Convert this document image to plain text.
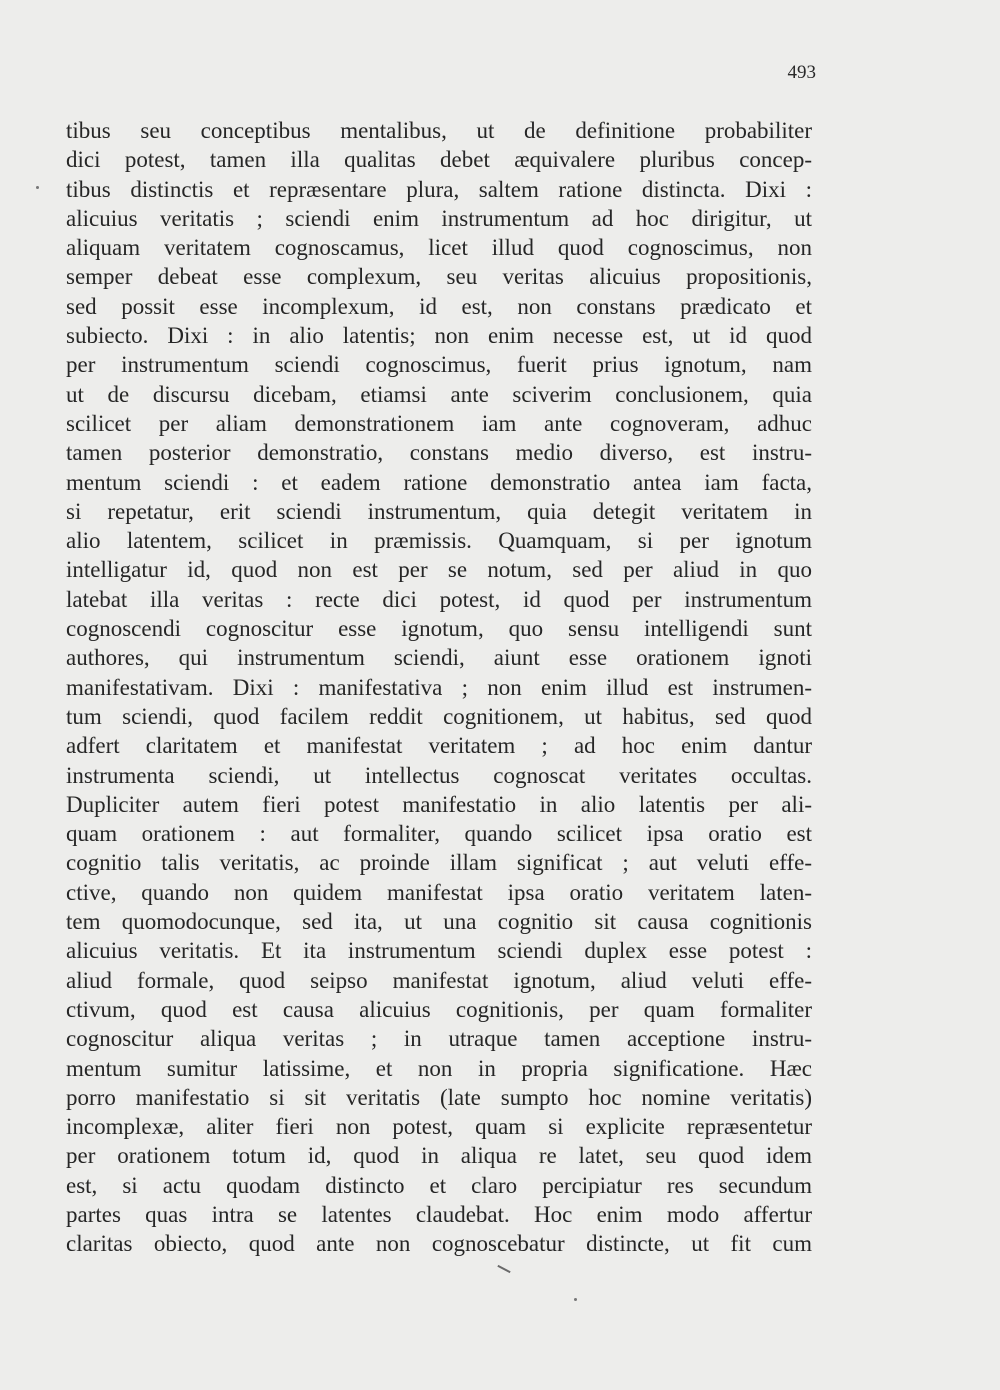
493
tibus seu conceptibus mentalibus, ut de definitione probabiliter
dici potest, tamen illa qualitas debet æquivalere pluribus concep-
tibus distinctis et repræsentare plura, saltem ratione distincta. Dixi :
alicuius veritatis ; sciendi enim instrumentum ad hoc dirigitur, ut
aliquam veritatem cognoscamus, licet illud quod cognoscimus, non
semper debeat esse complexum, seu veritas alicuius propositionis,
sed possit esse incomplexum, id est, non constans prædicato et
subiecto. Dixi : in alio latentis; non enim necesse est, ut id quod
per instrumentum sciendi cognoscimus, fuerit prius ignotum, nam
ut de discursu dicebam, etiamsi ante sciverim conclusionem, quia
scilicet per aliam demonstrationem iam ante cognoveram, adhuc
tamen posterior demonstratio, constans medio diverso, est instru-
mentum sciendi : et eadem ratione demonstratio antea iam facta,
si repetatur, erit sciendi instrumentum, quia detegit veritatem in
alio latentem, scilicet in præmissis. Quamquam, si per ignotum
intelligatur id, quod non est per se notum, sed per aliud in quo
latebat illa veritas : recte dici potest, id quod per instrumentum
cognoscendi cognoscitur esse ignotum, quo sensu intelligendi sunt
authores, qui instrumentum sciendi, aiunt esse orationem ignoti
manifestativam. Dixi : manifestativa ; non enim illud est instrumen-
tum sciendi, quod facilem reddit cognitionem, ut habitus, sed quod
adfert claritatem et manifestat veritatem ; ad hoc enim dantur
instrumenta sciendi, ut intellectus cognoscat veritates occultas.
Dupliciter autem fieri potest manifestatio in alio latentis per ali-
quam orationem : aut formaliter, quando scilicet ipsa oratio est
cognitio talis veritatis, ac proinde illam significat ; aut veluti effe-
ctive, quando non quidem manifestat ipsa oratio veritatem laten-
tem quomodocunque, sed ita, ut una cognitio sit causa cognitionis
alicuius veritatis. Et ita instrumentum sciendi duplex esse potest :
aliud formale, quod seipso manifestat ignotum, aliud veluti effe-
ctivum, quod est causa alicuius cognitionis, per quam formaliter
cognoscitur aliqua veritas ; in utraque tamen acceptione instru-
mentum sumitur latissime, et non in propria significatione. Hæc
porro manifestatio si sit veritatis (late sumpto hoc nomine veritatis)
incomplexæ, aliter fieri non potest, quam si explicite repræsentetur
per orationem totum id, quod in aliqua re latet, seu quod idem
est, si actu quodam distincto et claro percipiatur res secundum
partes quas intra se latentes claudebat. Hoc enim modo affertur
claritas obiecto, quod ante non cognoscebatur distincte, ut fit cum
